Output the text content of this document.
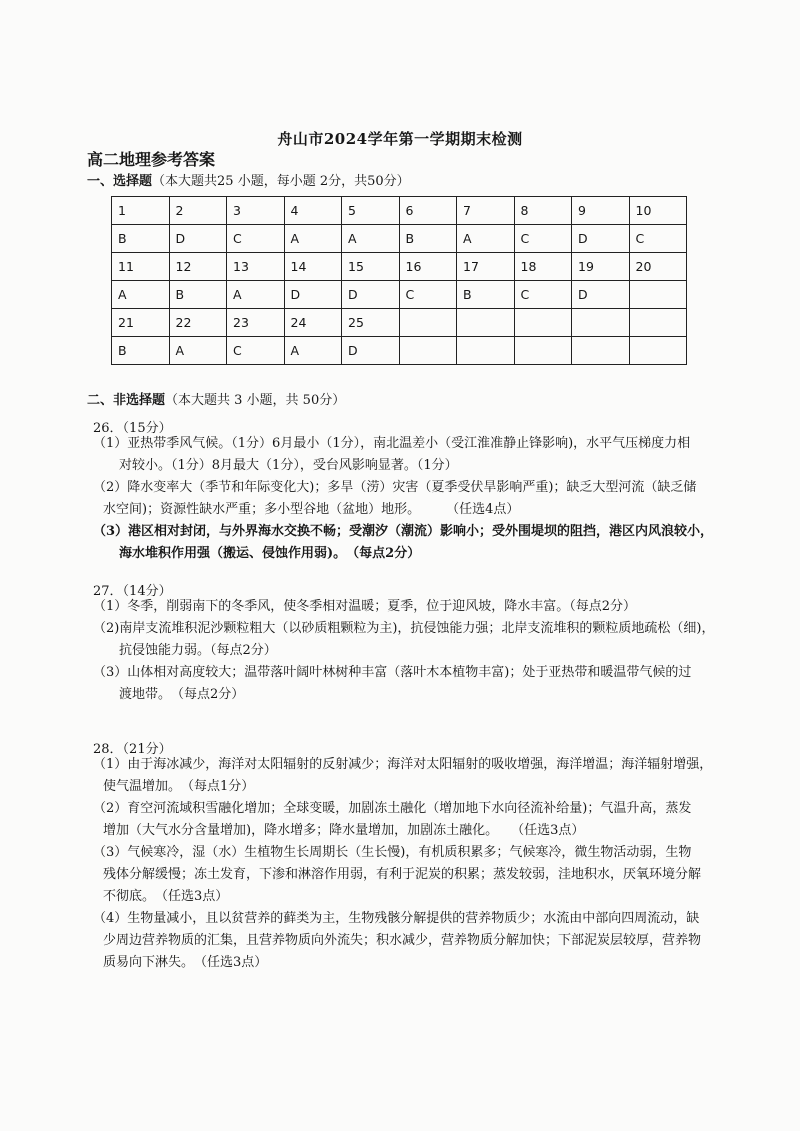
舟山市2024学年第一学期期末检测
高二地理参考答案
一、选择题（本大题共25 小题，每小题 2分，共50分）
1	2	3	4	5	6	7	8	9	10
B	D	C	A	A	B	A	C	D	C
11	12	13	14	15	16	17	18	19	20
A	B	A	D	D	C	B	C	D	
21	22	23	24	25					
B	A	C	A	D					
二、非选择题（本大题共 3 小题，共 50分）
26．（15分）
（1）亚热带季风气候。（1分）6月最小（1分），南北温差小（受江淮准静止锋影响)，水平气压梯度力相
对较小。（1分）8月最大（1分），受台风影响显著。（1分）
（2）降水变率大（季节和年际变化大)；多旱（涝）灾害（夏季受伏旱影响严重)；缺乏大型河流（缺乏储
水空间)；资源性缺水严重；多小型谷地（盆地）地形。　　　（任选4点）
（3）港区相对封闭，与外界海水交换不畅；受潮汐（潮流）影响小；受外围堤坝的阻挡，港区内风浪较小，
海水堆积作用强（搬运、侵蚀作用弱)。　（每点2分）
27．（14分）
（1）冬季，削弱南下的冬季风，使冬季相对温暖；夏季，位于迎风坡，降水丰富。（每点2分）
（2)南岸支流堆积泥沙颗粒粗大（以砂质粗颗粒为主)，抗侵蚀能力强；北岸支流堆积的颗粒质地疏松（细)，
抗侵蚀能力弱。（每点2分）
（3）山体相对高度较大；温带落叶阔叶林树种丰富（落叶木本植物丰富)；处于亚热带和暖温带气候的过
渡地带。　（每点2分）
28．（21分）
（1）由于海冰减少，海洋对太阳辐射的反射减少；海洋对太阳辐射的吸收增强，海洋增温；海洋辐射增强，
使气温增加。　（每点1分）
（2）育空河流域积雪融化增加；全球变暖，加剧冻土融化（增加地下水向径流补给量)；气温升高，蒸发
增加（大气水分含量增加)，降水增多；降水量增加，加剧冻土融化。　　（任选3点）
（3）气候寒冷，湿（水）生植物生长周期长（生长慢)，有机质积累多；气候寒冷，微生物活动弱，生物
残体分解缓慢；冻土发育，下渗和淋溶作用弱，有利于泥炭的积累；蒸发较弱，洼地积水，厌氧环境分解
不彻底。　（任选3点）
（4）生物量减小，且以贫营养的藓类为主，生物残骸分解提供的营养物质少；水流由中部向四周流动，缺
少周边营养物质的汇集，且营养物质向外流失；积水减少，营养物质分解加快；下部泥炭层较厚，营养物
质易向下淋失。　（任选3点）
